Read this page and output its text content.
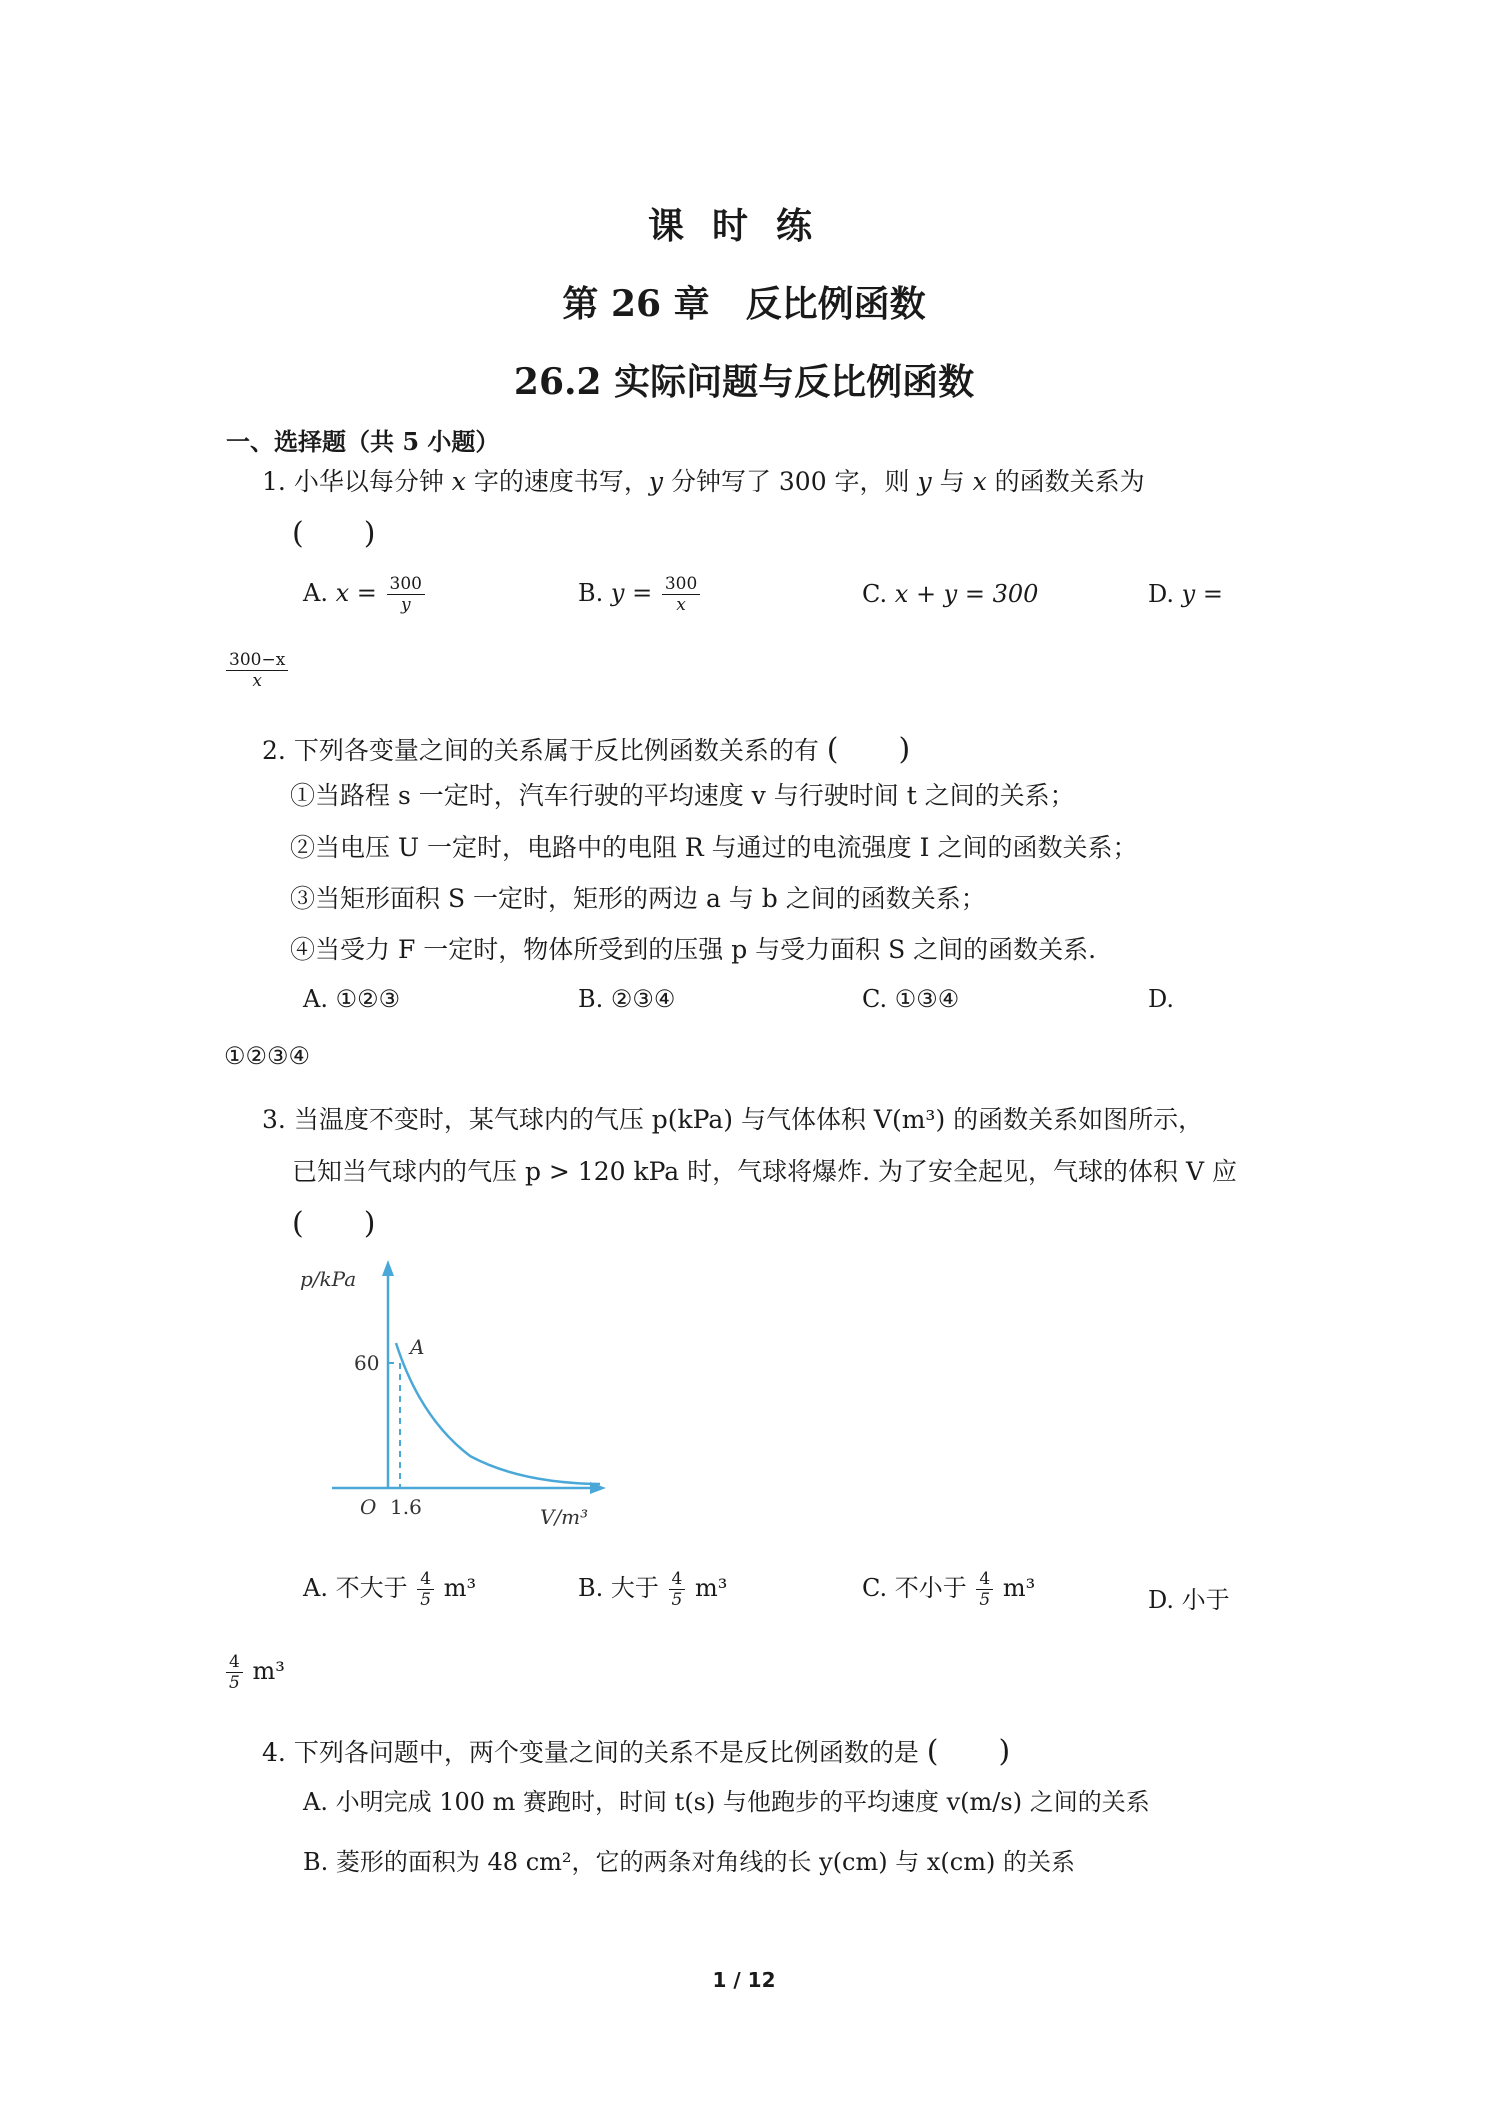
课时练
第 26 章　反比例函数
26.2 实际问题与反比例函数
一、选择题（共 5 小题）
1. 小华以每分钟 x 字的速度书写，y 分钟写了 300 字，则 y 与 x 的函数关系为
(　　)
A. $x = \frac{300}{y}$	B. $y = \frac{300}{x}$	C. x + y = 300	D. y =
$\frac{300-x}{x}$
2. 下列各变量之间的关系属于反比例函数关系的有 (　　)
①当路程 s 一定时，汽车行驶的平均速度 v 与行驶时间 t 之间的关系；
②当电压 U 一定时，电路中的电阻 R 与通过的电流强度 I 之间的函数关系；
③当矩形面积 S 一定时，矩形的两边 a 与 b 之间的函数关系；
④当受力 F 一定时，物体所受到的压强 p 与受力面积 S 之间的函数关系.
A. ①②③	B. ②③④	C. ①③④	D.
①②③④
3. 当温度不变时，某气球内的气压 p(kPa) 与气体体积 V(m³) 的函数关系如图所示，
已知当气球内的气压 p > 120 kPa 时，气球将爆炸. 为了安全起见，气球的体积 V 应
(　　)
p/kPa
V/m³
O
60
1.6
A
A. 不大于 $\frac{4}{5} m^3$	B. 大于 $\frac{4}{5} m^3$	C. 不小于 $\frac{4}{5} m^3$	D. 小于
$\frac{4}{5} m^3$
4. 下列各问题中，两个变量之间的关系不是反比例函数的是 (　　)
A. 小明完成 100 m 赛跑时，时间 t(s) 与他跑步的平均速度 v(m/s) 之间的关系
B. 菱形的面积为 48 cm²，它的两条对角线的长 y(cm) 与 x(cm) 的关系
1 / 12
